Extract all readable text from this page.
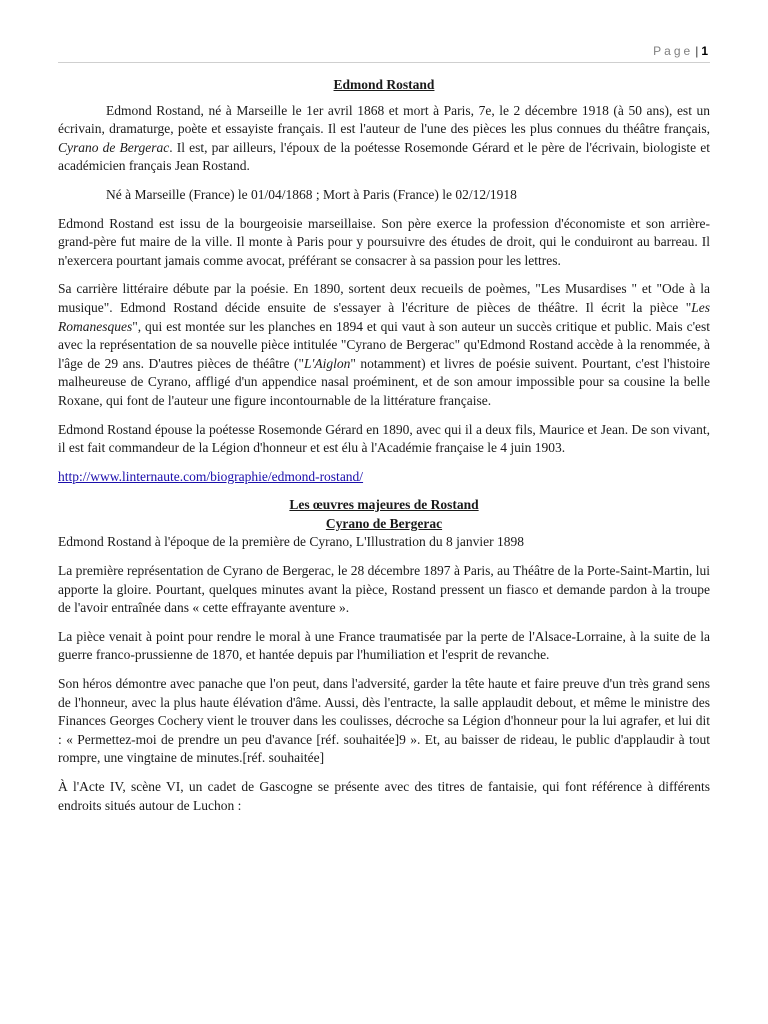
Page | 1
Edmond Rostand

Edmond Rostand, né à Marseille le 1er avril 1868 et mort à Paris, 7e, le 2 décembre 1918 (à 50 ans), est un écrivain, dramaturge, poète et essayiste français. Il est l'auteur de l'une des pièces les plus connues du théâtre français, Cyrano de Bergerac. Il est, par ailleurs, l'époux de la poétesse Rosemonde Gérard et le père de l'écrivain, biologiste et académicien français Jean Rostand.

Né à Marseille (France) le 01/04/1868 ; Mort à Paris (France) le 02/12/1918

Edmond Rostand est issu de la bourgeoisie marseillaise. Son père exerce la profession d'économiste et son arrière-grand-père fut maire de la ville. Il monte à Paris pour y poursuivre des études de droit, qui le conduiront au barreau. Il n'exercera pourtant jamais comme avocat, préférant se consacrer à sa passion pour les lettres.

Sa carrière littéraire débute par la poésie. En 1890, sortent deux recueils de poèmes, "Les Musardises " et "Ode à la musique". Edmond Rostand décide ensuite de s'essayer à l'écriture de pièces de théâtre. Il écrit la pièce "Les Romanesques", qui est montée sur les planches en 1894 et qui vaut à son auteur un succès critique et public. Mais c'est avec la représentation de sa nouvelle pièce intitulée "Cyrano de Bergerac" qu'Edmond Rostand accède à la renommée, à l'âge de 29 ans. D'autres pièces de théâtre ("L'Aiglon" notamment) et livres de poésie suivent. Pourtant, c'est l'histoire malheureuse de Cyrano, affligé d'un appendice nasal proéminent, et de son amour impossible pour sa cousine la belle Roxane, qui font de l'auteur une figure incontournable de la littérature française.

Edmond Rostand épouse la poétesse Rosemonde Gérard en 1890, avec qui il a deux fils, Maurice et Jean. De son vivant, il est fait commandeur de la Légion d'honneur et est élu à l'Académie française le 4 juin 1903.

http://www.linternaute.com/biographie/edmond-rostand/

Les œuvres majeures de Rostand
Cyrano de Bergerac

Edmond Rostand à l'époque de la première de Cyrano, L'Illustration du 8 janvier 1898

La première représentation de Cyrano de Bergerac, le 28 décembre 1897 à Paris, au Théâtre de la Porte-Saint-Martin, lui apporte la gloire. Pourtant, quelques minutes avant la pièce, Rostand pressent un fiasco et demande pardon à la troupe de l'avoir entraînée dans « cette effrayante aventure ».

La pièce venait à point pour rendre le moral à une France traumatisée par la perte de l'Alsace-Lorraine, à la suite de la guerre franco-prussienne de 1870, et hantée depuis par l'humiliation et l'esprit de revanche.

Son héros démontre avec panache que l'on peut, dans l'adversité, garder la tête haute et faire preuve d'un très grand sens de l'honneur, avec la plus haute élévation d'âme. Aussi, dès l'entracte, la salle applaudit debout, et même le ministre des Finances Georges Cochery vient le trouver dans les coulisses, décroche sa Légion d'honneur pour la lui agrafer, et lui dit : « Permettez-moi de prendre un peu d'avance [réf. souhaitée]9 ». Et, au baisser de rideau, le public d'applaudir à tout rompre, une vingtaine de minutes.[réf. souhaitée]

À l'Acte IV, scène VI, un cadet de Gascogne se présente avec des titres de fantaisie, qui font référence à différents endroits situés autour de Luchon :
